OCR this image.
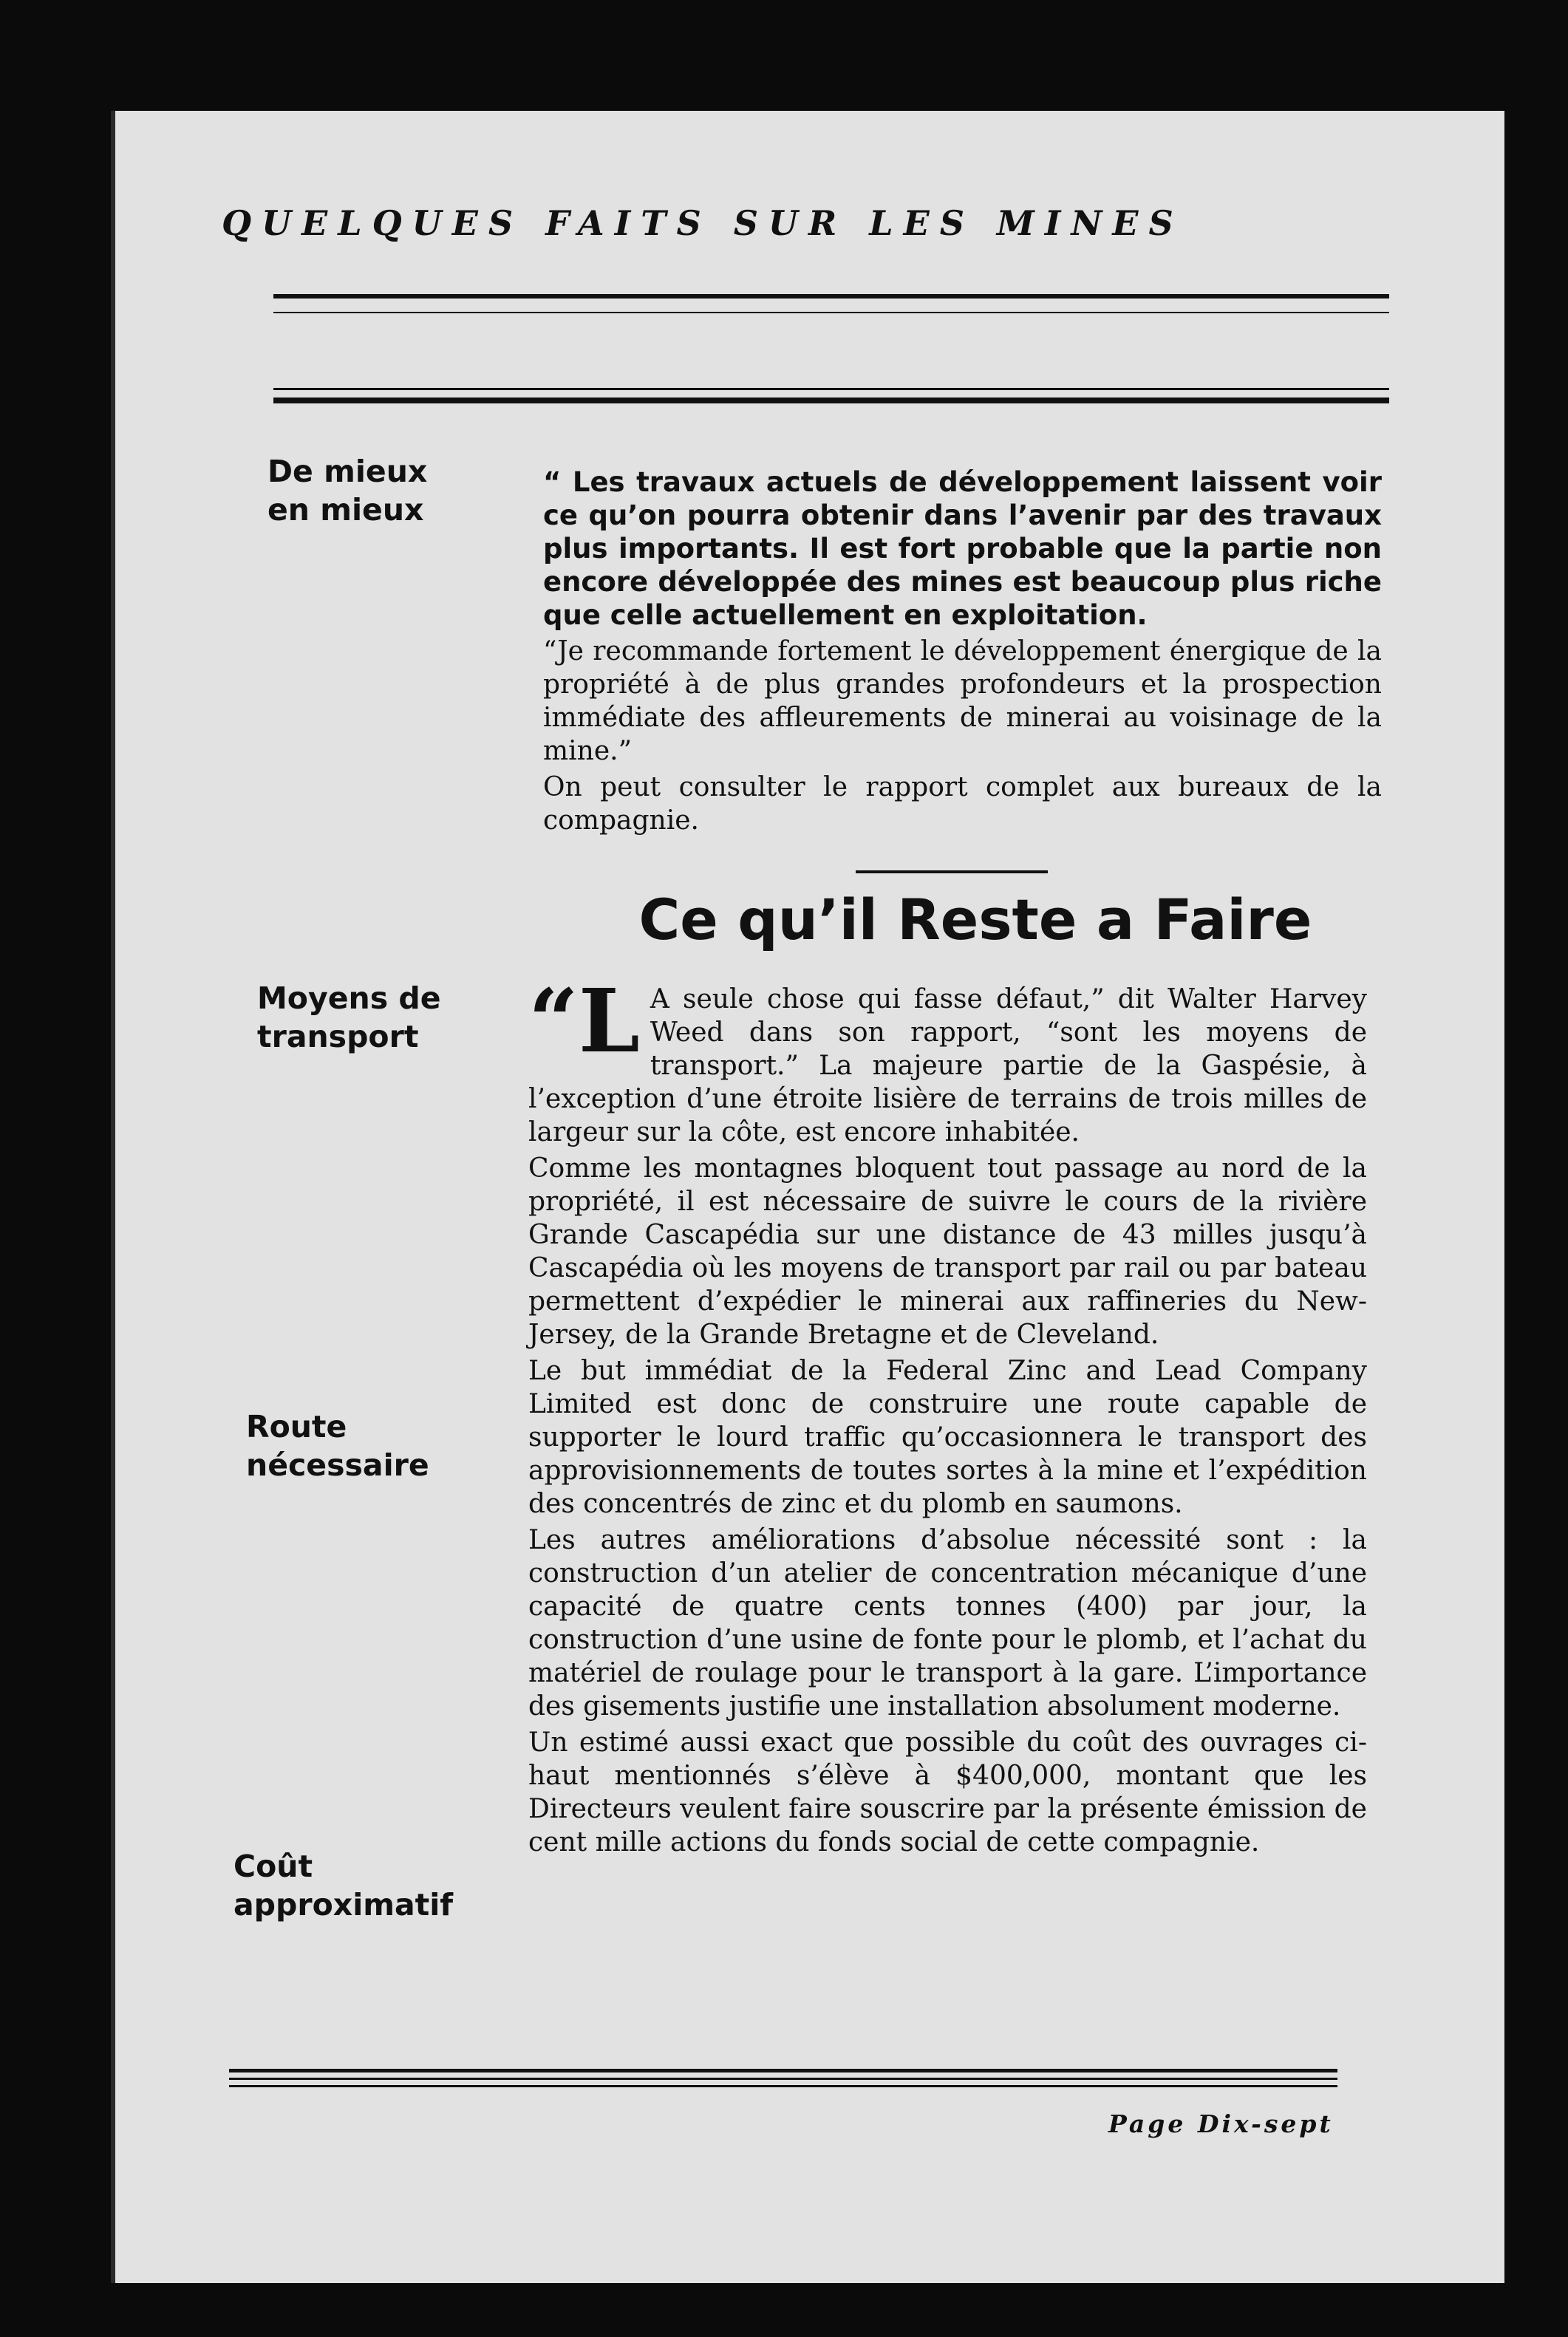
QUELQUES FAITS SUR LES MINES
De mieux
en mieux
Moyens de
transport
Route
nécessaire
Coût
approximatif

“ Les travaux actuels de développement laissent voir ce qu’on pourra obtenir dans l’avenir par des travaux plus importants. Il est fort probable que la partie non encore développée des mines est beaucoup plus riche que celle actuellement en exploitation.

“Je recommande fortement le développement énergique de la propriété à de plus grandes profondeurs et la prospection immédiate des affleurements de minerai au voisinage de la mine.”

On peut consulter le rapport complet aux bureaux de la compagnie.

Ce qu’il Reste a Faire

“L A seule chose qui fasse défaut,” dit Walter Harvey Weed dans son rapport, “sont les moyens de transport.” La majeure partie de la Gaspésie, à l’exception d’une étroite lisière de terrains de trois milles de largeur sur la côte, est encore inhabitée.

Comme les montagnes bloquent tout passage au nord de la propriété, il est nécessaire de suivre le cours de la rivière Grande Cascapédia sur une distance de 43 milles jusqu’à Cascapédia où les moyens de transport par rail ou par bateau permettent d’expédier le minerai aux raffineries du New-Jersey, de la Grande Bretagne et de Cleveland.

Le but immédiat de la Federal Zinc and Lead Company Limited est donc de construire une route capable de supporter le lourd traffic qu’occasionnera le transport des approvisionnements de toutes sortes à la mine et l’expédition des concentrés de zinc et du plomb en saumons.

Les autres améliorations d’absolue nécessité sont : la construction d’un atelier de concentration mécanique d’une capacité de quatre cents tonnes (400) par jour, la construction d’une usine de fonte pour le plomb, et l’achat du matériel de roulage pour le transport à la gare. L’importance des gisements justifie une installation absolument moderne.

Un estimé aussi exact que possible du coût des ouvrages ci-haut mentionnés s’élève à $400,000, montant que les Directeurs veulent faire souscrire par la présente émission de cent mille actions du fonds social de cette compagnie.

Page Dix-sept
